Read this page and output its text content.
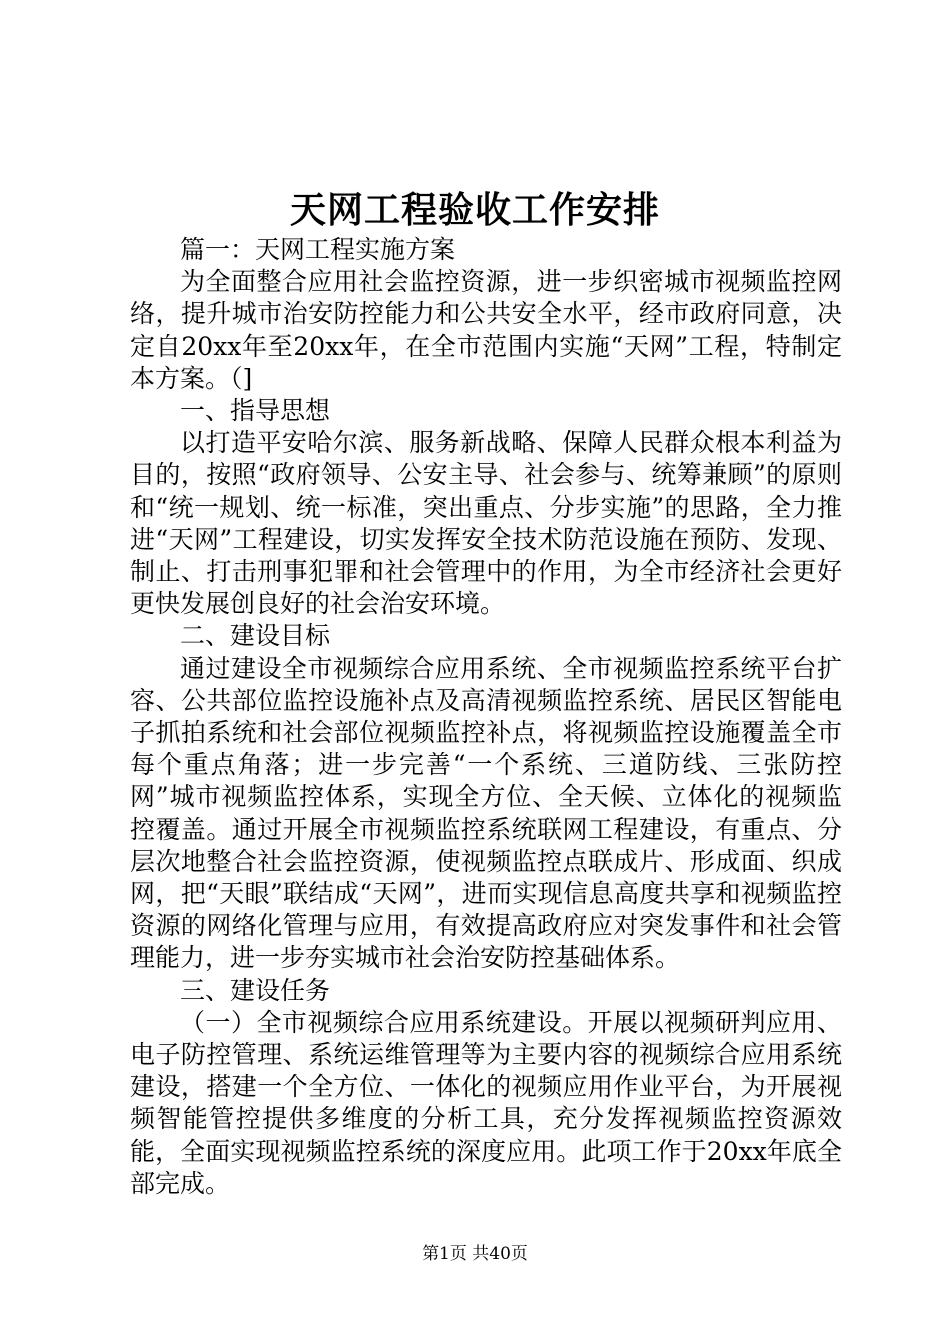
天网工程验收工作安排

篇一：天网工程实施方案

为全面整合应用社会监控资源，进一步织密城市视频监控网络，提升城市治安防控能力和公共安全水平，经市政府同意，决定自20xx年至20xx年，在全市范围内实施“天网”工程，特制定本方案。（]

一、指导思想

以打造平安哈尔滨、服务新战略、保障人民群众根本利益为目的，按照“政府领导、公安主导、社会参与、统筹兼顾”的原则和“统一规划、统一标准，突出重点、分步实施”的思路，全力推进“天网”工程建设，切实发挥安全技术防范设施在预防、发现、制止、打击刑事犯罪和社会管理中的作用，为全市经济社会更好更快发展创良好的社会治安环境。

二、建设目标

通过建设全市视频综合应用系统、全市视频监控系统平台扩容、公共部位监控设施补点及高清视频监控系统、居民区智能电子抓拍系统和社会部位视频监控补点，将视频监控设施覆盖全市每个重点角落；进一步完善“一个系统、三道防线、三张防控网”城市视频监控体系，实现全方位、全天候、立体化的视频监控覆盖。通过开展全市视频监控系统联网工程建设，有重点、分层次地整合社会监控资源，使视频监控点联成片、形成面、织成网，把“天眼”联结成“天网”，进而实现信息高度共享和视频监控资源的网络化管理与应用，有效提高政府应对突发事件和社会管理能力，进一步夯实城市社会治安防控基础体系。

三、建设任务

（一）全市视频综合应用系统建设。开展以视频研判应用、电子防控管理、系统运维管理等为主要内容的视频综合应用系统建设，搭建一个全方位、一体化的视频应用作业平台，为开展视频智能管控提供多维度的分析工具，充分发挥视频监控资源效能，全面实现视频监控系统的深度应用。此项工作于20xx年底全部完成。

第1页 共40页
